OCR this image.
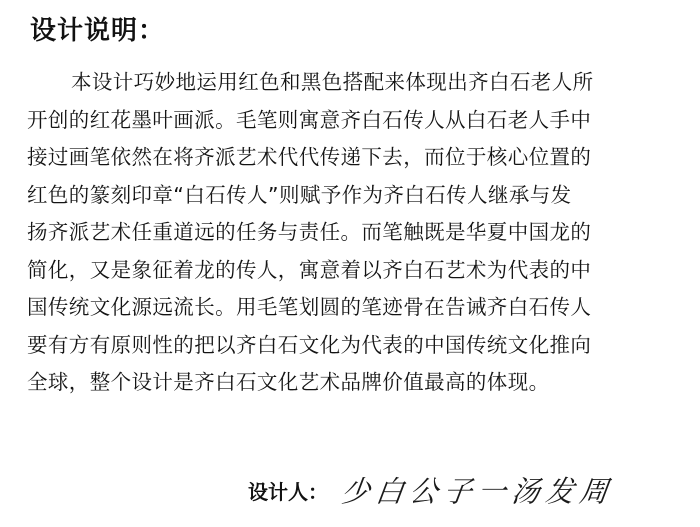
设计说明：
本设计巧妙地运用红色和黑色搭配来体现出齐白石老人所
开创的红花墨叶画派。毛笔则寓意齐白石传人从白石老人手中
接过画笔依然在将齐派艺术代代传递下去，而位于核心位置的
红色的篆刻印章“白石传人”则赋予作为齐白石传人继承与发
扬齐派艺术任重道远的任务与责任。而笔触既是华夏中国龙的
简化，又是象征着龙的传人，寓意着以齐白石艺术为代表的中
国传统文化源远流长。用毛笔划圆的笔迹骨在告诫齐白石传人
要有方有原则性的把以齐白石文化为代表的中国传统文化推向
全球，整个设计是齐白石文化艺术品牌价值最高的体现。
设计人： 少白公子一汤发周
